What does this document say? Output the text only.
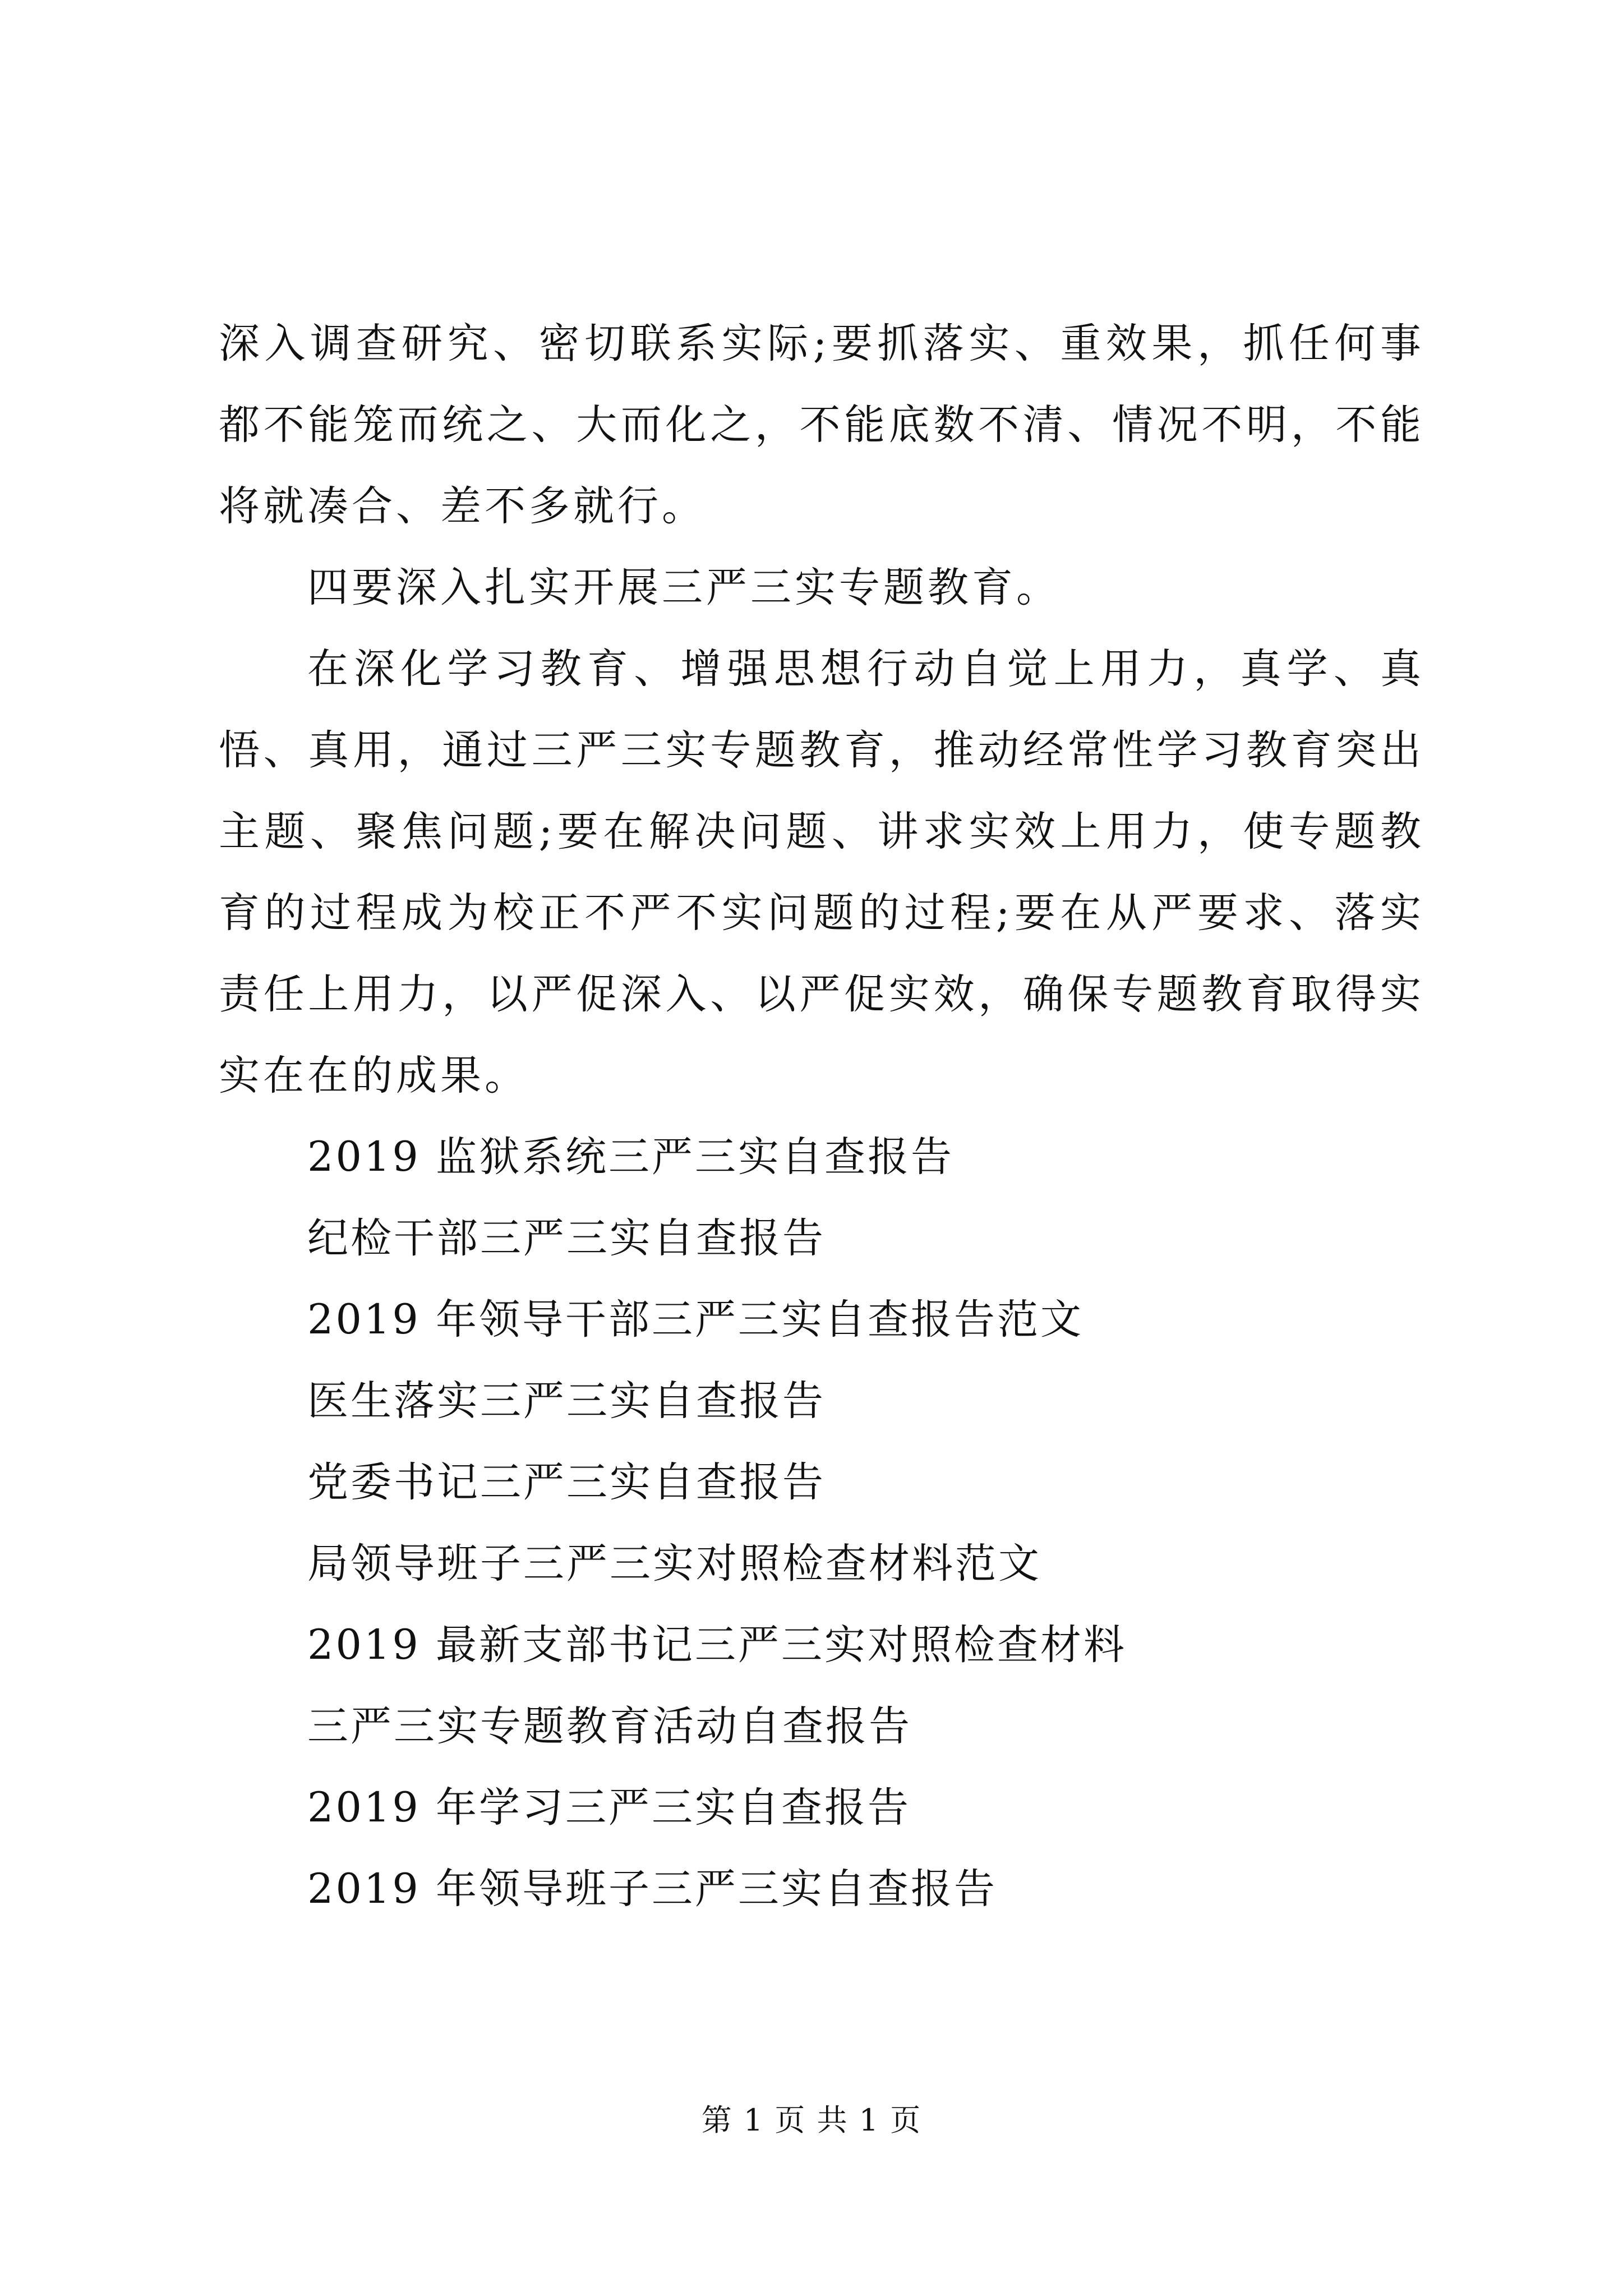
深入调查研究、密切联系实际;要抓落实、重效果，抓任何事都不能笼而统之、大而化之，不能底数不清、情况不明，不能将就凑合、差不多就行。

四要深入扎实开展三严三实专题教育。

在深化学习教育、增强思想行动自觉上用力，真学、真悟、真用，通过三严三实专题教育，推动经常性学习教育突出主题、聚焦问题;要在解决问题、讲求实效上用力，使专题教育的过程成为校正不严不实问题的过程;要在从严要求、落实责任上用力，以严促深入、以严促实效，确保专题教育取得实实在在的成果。

2019 监狱系统三严三实自查报告
纪检干部三严三实自查报告
2019 年领导干部三严三实自查报告范文
医生落实三严三实自查报告
党委书记三严三实自查报告
局领导班子三严三实对照检查材料范文
2019 最新支部书记三严三实对照检查材料
三严三实专题教育活动自查报告
2019 年学习三严三实自查报告
2019 年领导班子三严三实自查报告
第 1 页 共 1 页
